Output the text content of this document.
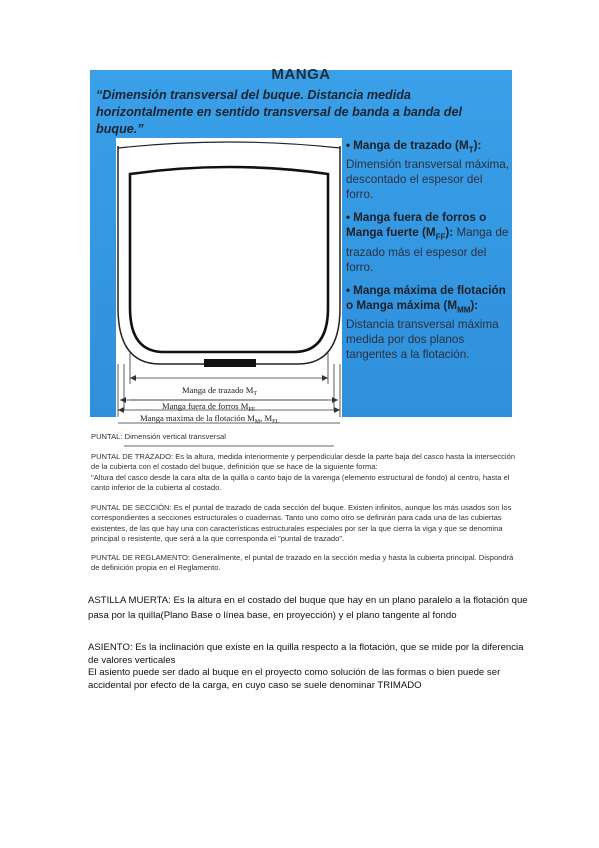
MANGA
“Dimensión transversal del buque. Distancia medida horizontalmente en sentido transversal de banda a banda del buque.”
Manga de trazado $M_T$
Manga fuera de forros $M_{FF}$
Manga maxima de la flotación $M_M$, $M_{FL}$
• Manga de trazado $(M_T)$: Dimensión transversal máxima, descontado el espesor del forro.
• Manga fuera de forros o Manga fuerte $(M_{FF})$: Manga de trazado más el espesor del forro.
• Manga máxima de flotación o Manga máxima $(M_{MM})$: Distancia transversal máxima medida por dos planos tangentes a la flotación.
PUNTAL: Dimensión vertical transversal

PUNTAL DE TRAZADO: Es la altura, medida interiormente y perpendicular desde la parte baja del casco hasta la intersección de la cubierta con el costado del buque, definición que se hace de la siguiente forma:

"Altura del casco desde la cara alta de la quilla o canto bajo de la varenga (elemento estructural de fondo) al centro, hasta el canto inferior de la cubierta al costado.

PUNTAL DE SECCIÓN: Es el puntal de trazado de cada sección del buque. Existen infinitos, aunque los más usados son los correspondientes a secciones estructurales o cuadernas. Tanto uno como otro se definirán para cada una de las cubiertas existentes, de las que hay una con características estructurales especiales por ser la que cierra la viga y que se denomina principal o resistente, que será a la que corresponda el "puntal de trazado".

PUNTAL DE REGLAMENTO: Generalmente, el puntal de trazado en la sección media y hasta la cubierta principal. Dispondrá de definición propia en el Reglamento.

ASTILLA MUERTA: Es la altura en el costado del buque que hay en un plano paralelo a la flotación que pasa por la quilla(Plano Base o línea base, en proyección) y el plano tangente al fondo

ASIENTO: Es la inclinación que existe en la quilla respecto a la flotación, que se mide por la diferencia de valores verticales

El asiento puede ser dado al buque en el proyecto como solución de las formas o bien puede ser accidental por efecto de la carga, en cuyo caso se suele denominar TRIMADO
